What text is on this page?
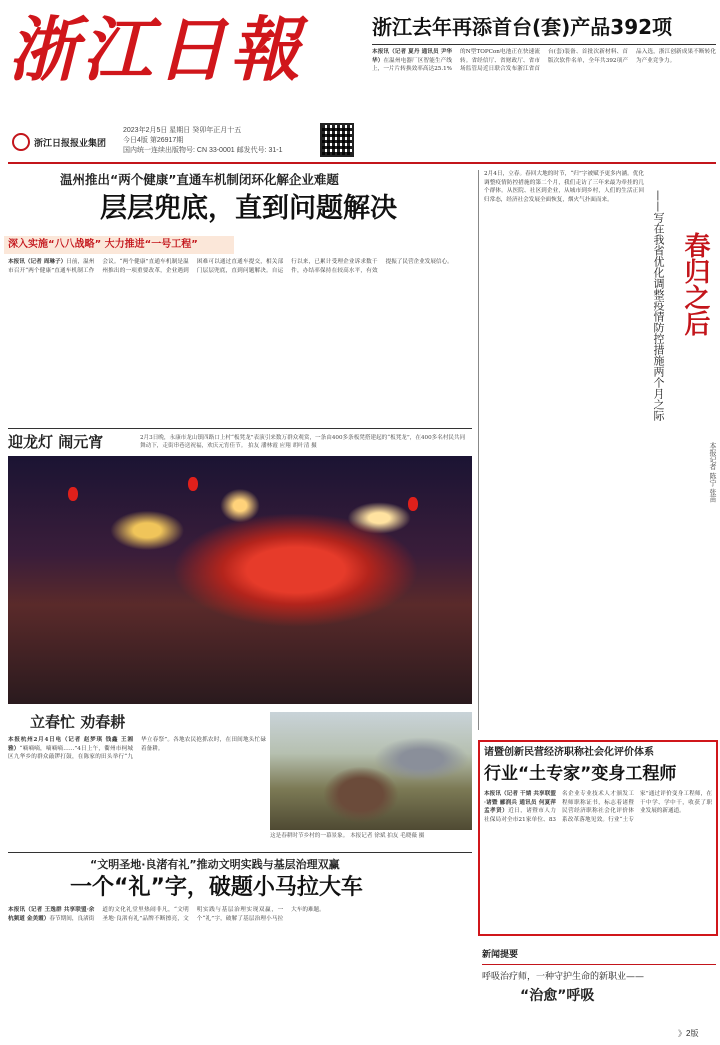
浙江日報
浙江日报报业集团
2023年2月5日 星期日 癸卯年正月十五
今日4版 第26917期
国内统一连续出版物号: CN 33-0001 邮发代号: 31-1
浙江去年再添首台(套)产品392项
本报讯（记者 夏丹 通讯员 尹华华）在温州电器厂区智能生产线上，一片片转换效率高达25.1%的N型TOPCon电池正在快速流转。省经信厅、省财政厅、省市场监管局近日联合发布浙江省首台(套)装备、首批次新材料、首版次软件名单，全年共392项产品入选，浙江创新成果不断转化为产业竞争力。
温州推出“两个健康”直通车机制闭环化解企业难题
层层兜底，直到问题解决
深入实施“八八战略” 大力推进“一号工程”
本报讯（记者 周琳子）日前，温州市召开“两个健康”直通车机制工作会议。“两个健康”直通车机制是温州推出的一项重要改革，企业遇到困难可以通过直通车提交，相关部门层层兜底，直到问题解决。自运行以来，已累计受理企业诉求数千件，办结率保持在较高水平，有效提振了民营企业发展信心。
迎龙灯 闹元宵	2月3日晚，永康市龙山镇四路口上村“板凳龙”表演引来数万群众观赏，一条由400多条板凳搭建起的“板凳龙”，在400多名村民共同舞动下，走街串巷送祝福，欢庆元宵佳节。 拍友 潘林霞 应翔 胡叶清 摄
立春忙 劝春耕
本报杭州2月4日电（记者 赵梦琪 钱鑫 王湘雅）“嘀嘀嘀，嘀嘀嘀……”4日上午，衢州市柯城区九华乡的群众敲锣打鼓，在陈家的田头举行“九华立春祭”。各地农民抢抓农时，在田间地头忙碌着备耕。
这是春耕时节乡村的一幕景象。 本报记者 徐斌 拍友 毛晓薇 摄
“文明圣地·良渚有礼”推动文明实践与基层治理双赢
一个“礼”字，破题小马拉大车
本报讯（记者 王逸群 共享联盟·余杭频道 金美霞）春节期间，良渚街道的文化礼堂里热闹非凡，“文明圣地·良渚有礼”品牌不断擦亮，文明实践与基层治理实现双赢，一个“礼”字，破解了基层治理小马拉大车的难题。
2月4日，立春。春回大地的时节，“归”字被赋予更多内涵。优化调整疫情防控措施的第二个月，我们走访了三年来最为牵挂的几个群体。从医院、社区到企业，从城市到乡村，人们的生活正回归常态，经济社会发展全面恢复，烟火气扑面而来。
春归之后
——写在我省优化调整疫情防控措施两个月之际
本报记者 陈宁 张苗
诸暨创新民营经济职称社会化评价体系
行业“土专家”变身工程师
本报讯（记者 干婧 共享联盟·诸暨 郦润兵 通讯员 何夏萍 孟孝贤）近日，诸暨市人力社保局对全市21家单位、83名企业专业技术人才颁发工程师职称证书，标志着诸暨民营经济职称社会化评价体系改革落地见效。行业“土专家”通过评价变身工程师，在干中学、学中干，收获了职业发展的新通道。
新闻提要
呼吸治疗师，一种守护生命的新职业——
“治愈”呼吸
》2版
